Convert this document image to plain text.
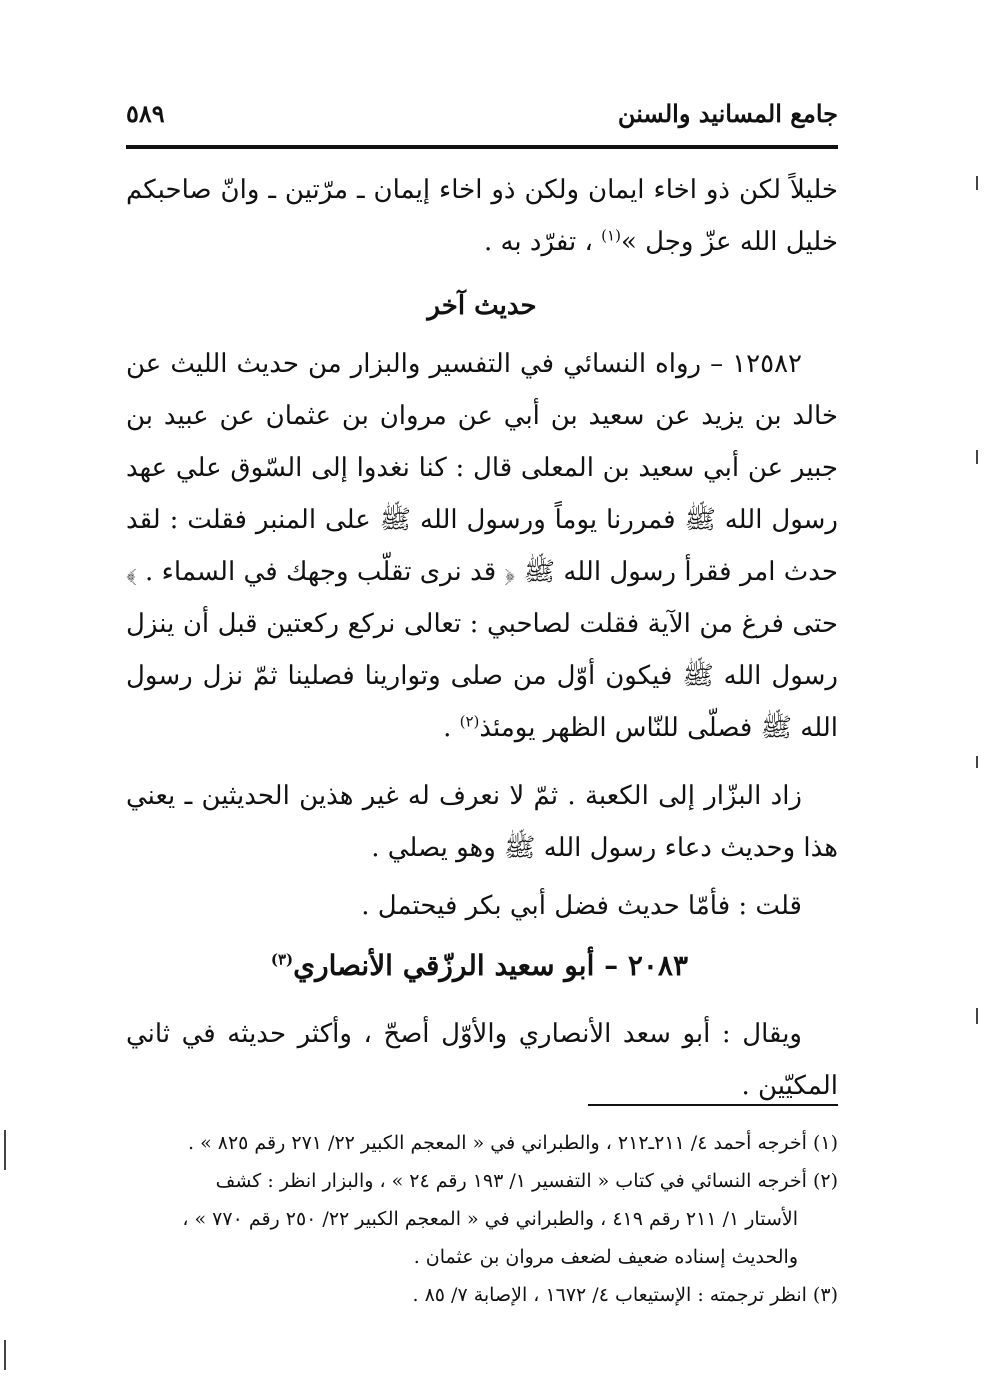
جامع المسانيد والسنن
٥٨٩

خليلاً لكن ذو اخاء ايمان ولكن ذو اخاء إيمان ـ مرّتين ـ وانّ صاحبكم خليل الله عزّ وجل »$^{(١)}$ ، تفرّد به .

حديث آخر

١٢٥٨٢ – رواه النسائي في التفسير والبزار من حديث الليث عن خالد بن يزيد عن سعيد بن أبي عن مروان بن عثمان عن عبيد بن جبير عن أبي سعيد بن المعلى قال : كنا نغدوا إلى السّوق علي عهد رسول الله ﷺ فمررنا يوماً ورسول الله ﷺ على المنبر فقلت : لقد حدث امر فقرأ رسول الله ﷺ ﴿ قد نرى تقلّب وجهك في السماء . ﴾ حتى فرغ من الآية فقلت لصاحبي : تعالى نركع ركعتين قبل أن ينزل رسول الله ﷺ فيكون أوّل من صلى وتوارينا فصلينا ثمّ نزل رسول الله ﷺ فصلّى للنّاس الظهر يومئذ$^{(٢)}$ .

زاد البزّار إلى الكعبة . ثمّ لا نعرف له غير هذين الحديثين ـ يعني هذا وحديث دعاء رسول الله ﷺ وهو يصلي .

قلت : فأمّا حديث فضل أبي بكر فيحتمل .

٢٠٨٣ – أبو سعيد الرزّقي الأنصاري$^{(٣)}$

ويقال : أبو سعد الأنصاري والأوّل أصحّ ، وأكثر حديثه في ثاني المكيّين .

(١) أخرجه أحمد ٤/ ٢١١ـ٢١٢ ، والطبراني في « المعجم الكبير ٢٢/ ٢٧١ رقم ٨٢٥ » .

(٢) أخرجه النسائي في كتاب « التفسير ١/ ١٩٣ رقم ٢٤ » ، والبزار انظر : كشف

الأستار ١/ ٢١١ رقم ٤١٩ ، والطبراني في « المعجم الكبير ٢٢/ ٢٥٠ رقم ٧٧٠ » ،

والحديث إسناده ضعيف لضعف مروان بن عثمان .

(٣) انظر ترجمته : الإستيعاب ٤/ ١٦٧٢ ، الإصابة ٧/ ٨٥ .
